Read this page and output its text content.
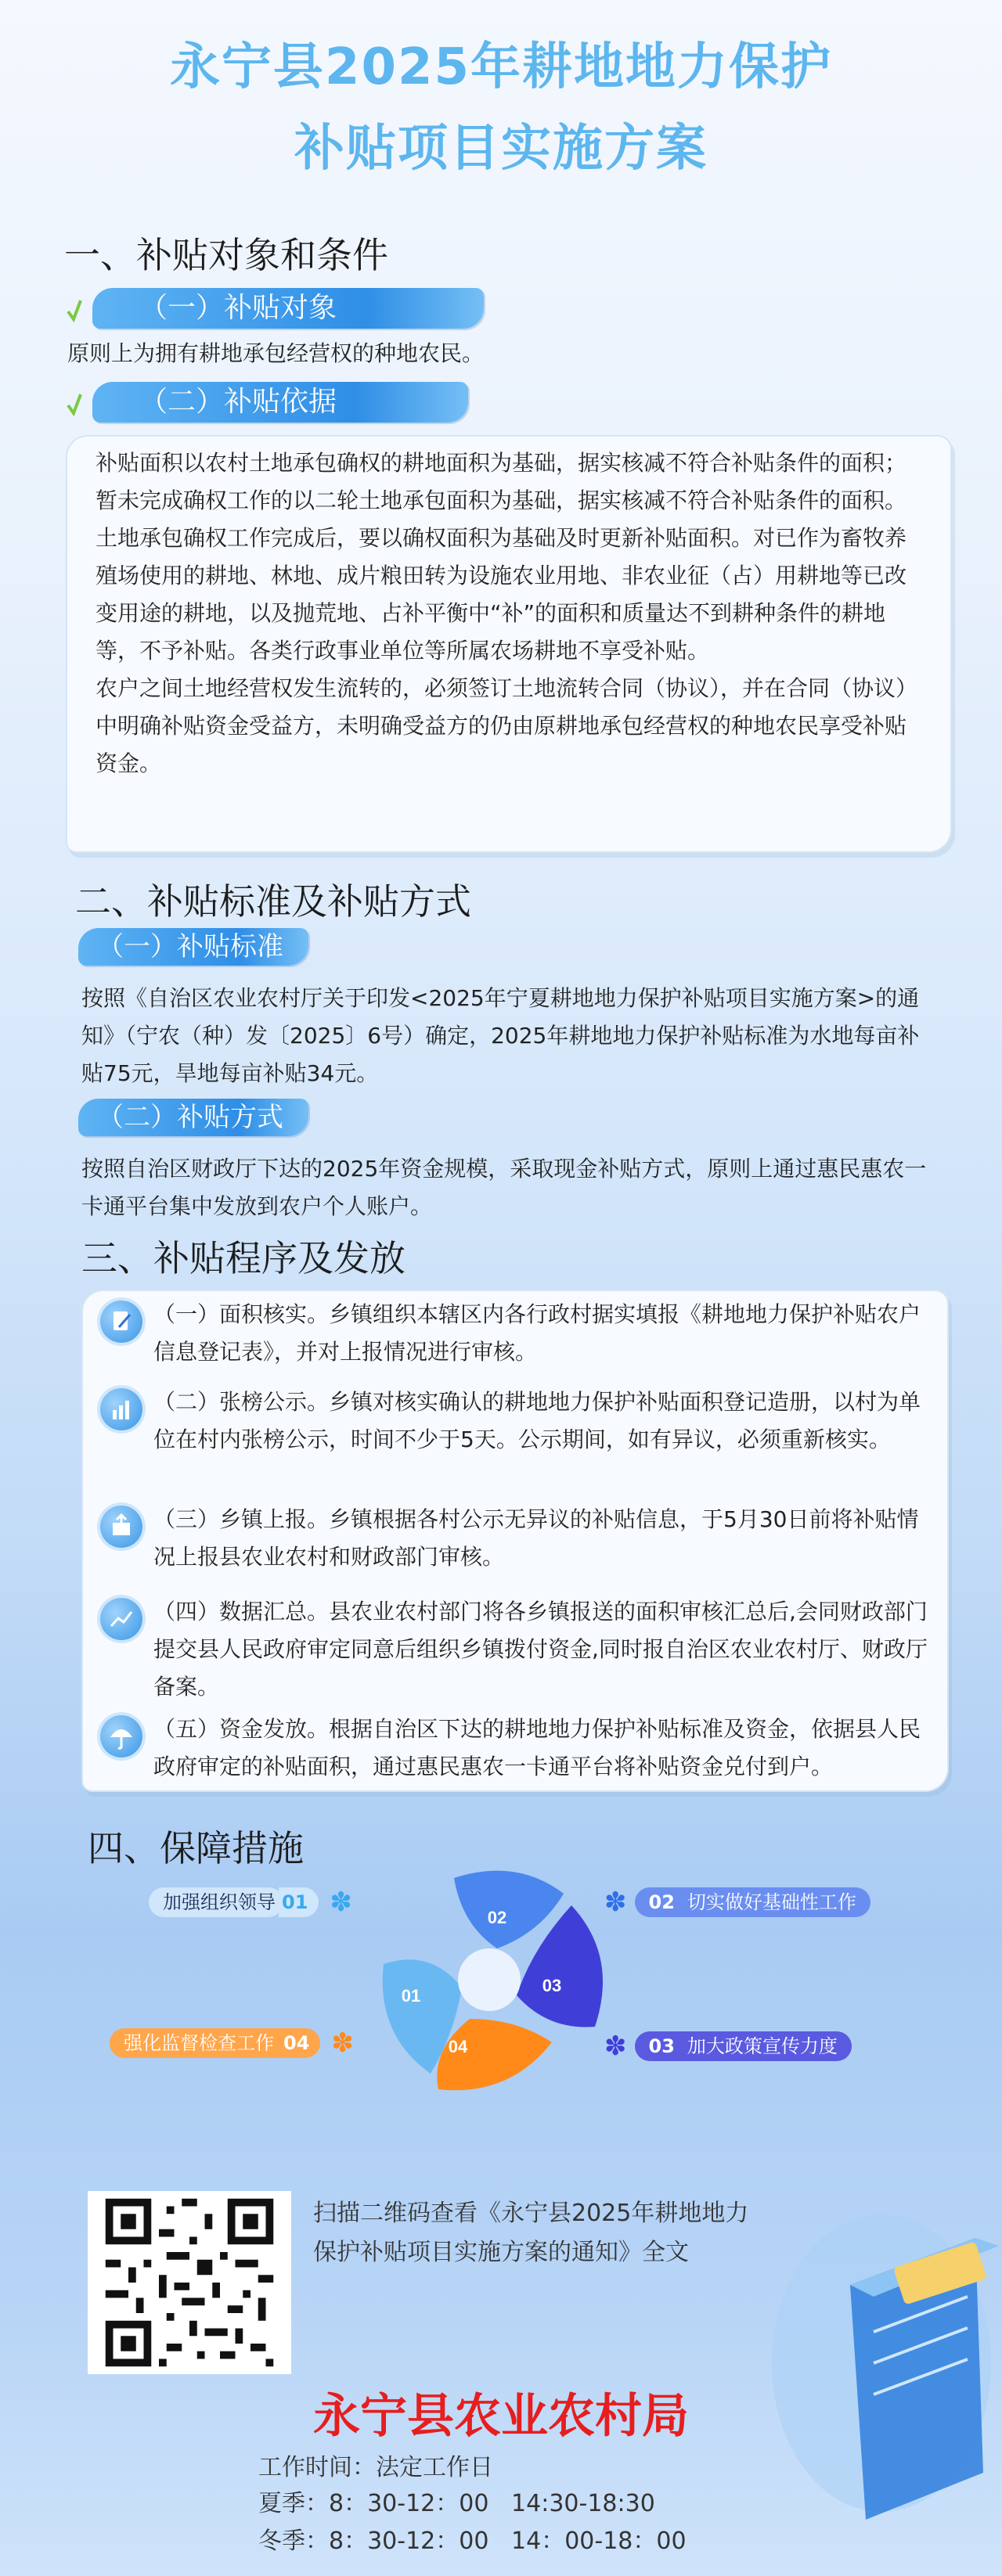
永宁县2025年耕地地力保护
补贴项目实施方案
一、补贴对象和条件
（一）补贴对象
原则上为拥有耕地承包经营权的种地农民。
（二）补贴依据

补贴面积以农村土地承包确权的耕地面积为基础，据实核减不符合补贴条件的面积；暂未完成确权工作的以二轮土地承包面积为基础，据实核减不符合补贴条件的面积。土地承包确权工作完成后，要以确权面积为基础及时更新补贴面积。对已作为畜牧养殖场使用的耕地、林地、成片粮田转为设施农业用地、非农业征（占）用耕地等已改变用途的耕地，以及抛荒地、占补平衡中“补”的面积和质量达不到耕种条件的耕地等，不予补贴。各类行政事业单位等所属农场耕地不享受补贴。

农户之间土地经营权发生流转的，必须签订土地流转合同（协议），并在合同（协议）中明确补贴资金受益方，未明确受益方的仍由原耕地承包经营权的种地农民享受补贴资金。

二、补贴标准及补贴方式
（一）补贴标准
按照《自治区农业农村厅关于印发<2025年宁夏耕地地力保护补贴项目实施方案>的通知》（宁农（种）发〔2025〕6号）确定，2025年耕地地力保护补贴标准为水地每亩补贴75元，旱地每亩补贴34元。
（二）补贴方式
按照自治区财政厅下达的2025年资金规模，采取现金补贴方式，原则上通过惠民惠农一卡通平台集中发放到农户个人账户。
三、补贴程序及发放
（一）面积核实。乡镇组织本辖区内各行政村据实填报《耕地地力保护补贴农户信息登记表》，并对上报情况进行审核。
（二）张榜公示。乡镇对核实确认的耕地地力保护补贴面积登记造册，以村为单位在村内张榜公示，时间不少于5天。公示期间，如有异议，必须重新核实。
（三）乡镇上报。乡镇根据各村公示无异议的补贴信息，于5月30日前将补贴情况上报县农业农村和财政部门审核。
（四）数据汇总。县农业农村部门将各乡镇报送的面积审核汇总后,会同财政部门提交县人民政府审定同意后组织乡镇拨付资金,同时报自治区农业农村厅、财政厅备案。
（五）资金发放。根据自治区下达的耕地地力保护补贴标准及资金，依据县人民政府审定的补贴面积，通过惠民惠农一卡通平台将补贴资金兑付到户。
四、保障措施
加强组织领导 01 ✽	✽	02 切实做好基础性工作
强化监督检查工作 04 ✽	✽	03 加大政策宣传力度
02
03
04
01
扫描二维码查看《永宁县2025年耕地地力保护补贴项目实施方案的通知》全文
永宁县农业农村局
工作时间：法定工作日
夏季：8：30-12：00   14:30-18:30
冬季：8：30-12：00   14：00-18：00
